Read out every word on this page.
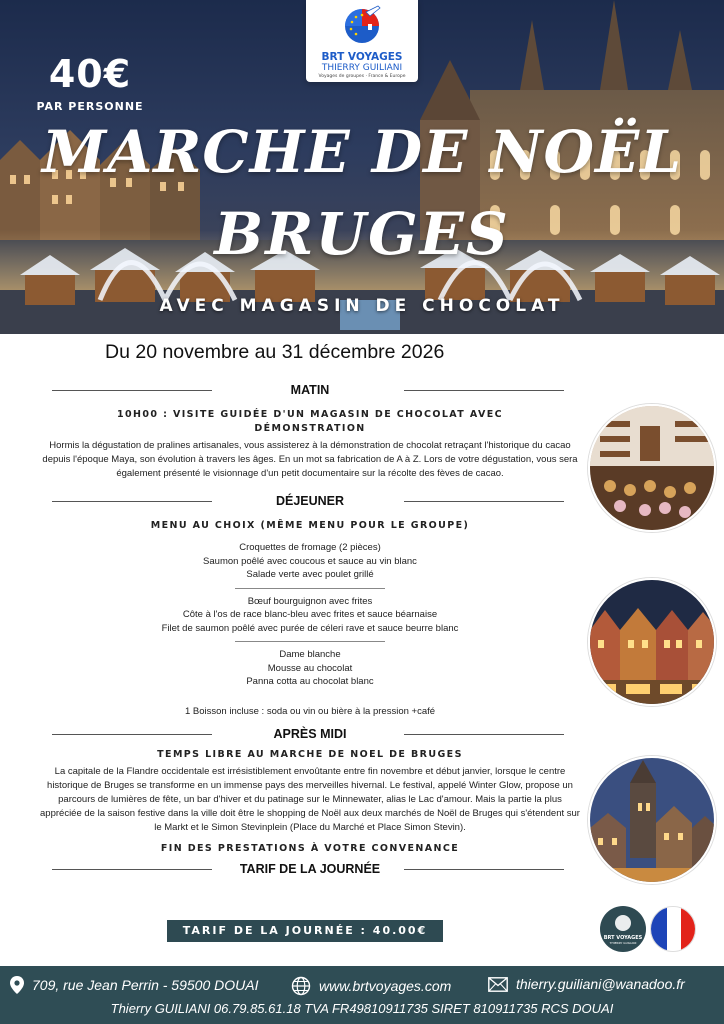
40€
PAR PERSONNE
BRT VOYAGES
THIERRY GUILIANI
Voyages de groupes · France & Europe
MARCHE DE NOËL
BRUGES
AVEC MAGASIN DE CHOCOLAT
Du 20 novembre au 31 décembre 2026
MATIN
10H00 : VISITE GUIDÉE D'UN MAGASIN DE CHOCOLAT AVEC DÉMONSTRATION
Hormis la dégustation de pralines artisanales, vous assisterez à la démonstration de chocolat retraçant l'historique du cacao depuis l'époque Maya, son évolution à travers les âges. En un mot sa fabrication de A à Z. Lors de votre dégustation, vous sera également présenté le visionnage d'un petit documentaire sur la récolte des fèves de cacao.
DÉJEUNER
MENU AU CHOIX (MÊME MENU POUR LE GROUPE)
Croquettes de fromage (2 pièces)
Saumon poêlé avec coucous et sauce au vin blanc
Salade verte avec poulet grillé
Bœuf bourguignon avec frites
Côte à l'os de race blanc-bleu avec frites et sauce béarnaise
Filet de saumon poêlé avec purée de céleri rave et sauce beurre blanc
Dame blanche
Mousse au chocolat
Panna cotta au chocolat blanc
1 Boisson incluse : soda ou vin ou bière à la pression +café
APRÈS MIDI
TEMPS LIBRE AU MARCHE DE NOEL DE BRUGES
La capitale de la Flandre occidentale est irrésistiblement envoûtante entre fin novembre et début janvier, lorsque le centre historique de Bruges se transforme en un immense pays des merveilles hivernal. Le festival, appelé Winter Glow, propose un parcours de lumières de fête, un bar d'hiver et du patinage sur le Minnewater, alias le Lac d'amour. Mais la partie la plus appréciée de la saison festive dans la ville doit être le shopping de Noël aux deux marchés de Noël de Bruges qui s'étendent sur le Markt et le Simon Stevinplein (Place du Marché et Place Simon Stevin).
FIN DES PRESTATIONS À VOTRE CONVENANCE
TARIF DE LA JOURNÉE
TARIF DE LA JOURNÉE : 40.00€
BRT VOYAGES
THIERRY GUILIANI
709, rue Jean Perrin - 59500 DOUAI	www.brtvoyages.com	thierry.guiliani@wanadoo.fr
Thierry GUILIANI 06.79.85.61.18 TVA FR49810911735 SIRET 810911735 RCS DOUAI
